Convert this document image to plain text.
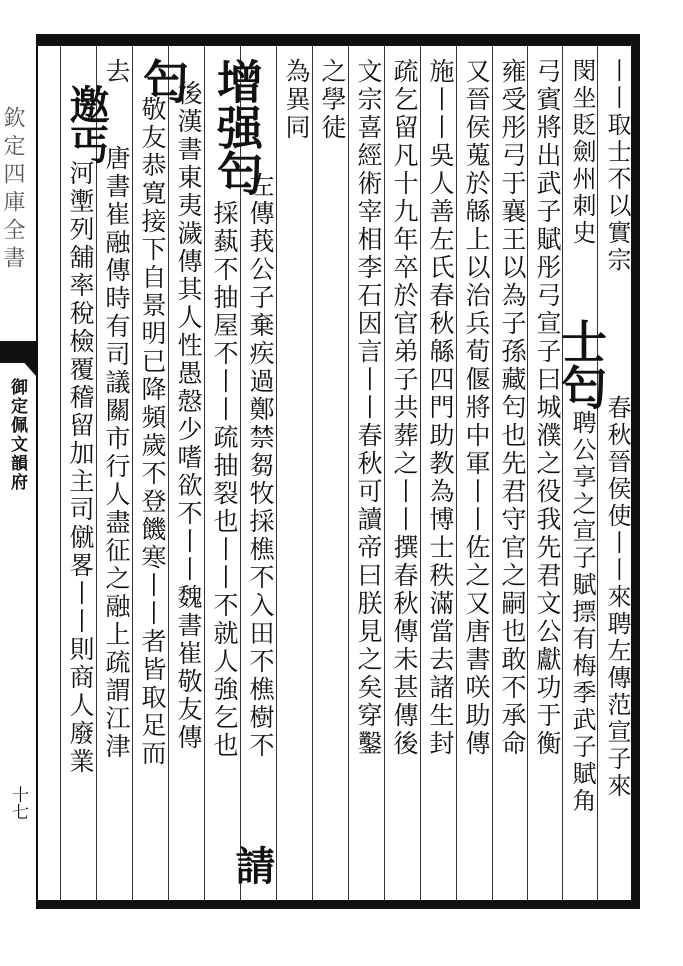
欽定四庫全書
御定佩文韻府
十七
丨丨取士不以實宗
春秋晉侯使丨丨來聘左傳范宣子來
閔坐貶劍州刺史
士匄
聘公享之宣子賦摽有梅季武子賦角
弓賓將出武子賦彤弓宣子曰城濮之役我先君文公獻功于衡
雍受彤弓于襄王以為子孫藏匄也先君守官之嗣也敢不承命
又晉侯蒐於緜上以治兵荀偃將中軍丨丨佐之又唐書咲助傳
施丨丨吳人善左氏春秋緜四門助教為博士秩滿當去諸生封
疏乞留凡十九年卒於官弟子共葬之丨丨撰春秋傳未甚傳後
文宗喜經術宰相李石因言丨丨春秋可讀帝曰朕見之矣穿鑿
之學徒
為異同
增强匄
左傳莪公子棄疾過鄭禁芻牧採樵不入田不樵樹不
採蓺不抽屋不丨丨疏抽裂也丨丨不就人強乞也
請
匄
後漢書東夷濊傳其人性愚慤少嗜欲不丨丨魏書崔敬友傳
敬友恭寛接下自景明已降頻歲不登饑寒丨丨者皆取足而
去
邀丐
唐書崔融傳時有司議關市行人盡征之融上疏謂江津
河壍列舖率稅檢覆稽留加主司僦畧丨丨則商人廢業
